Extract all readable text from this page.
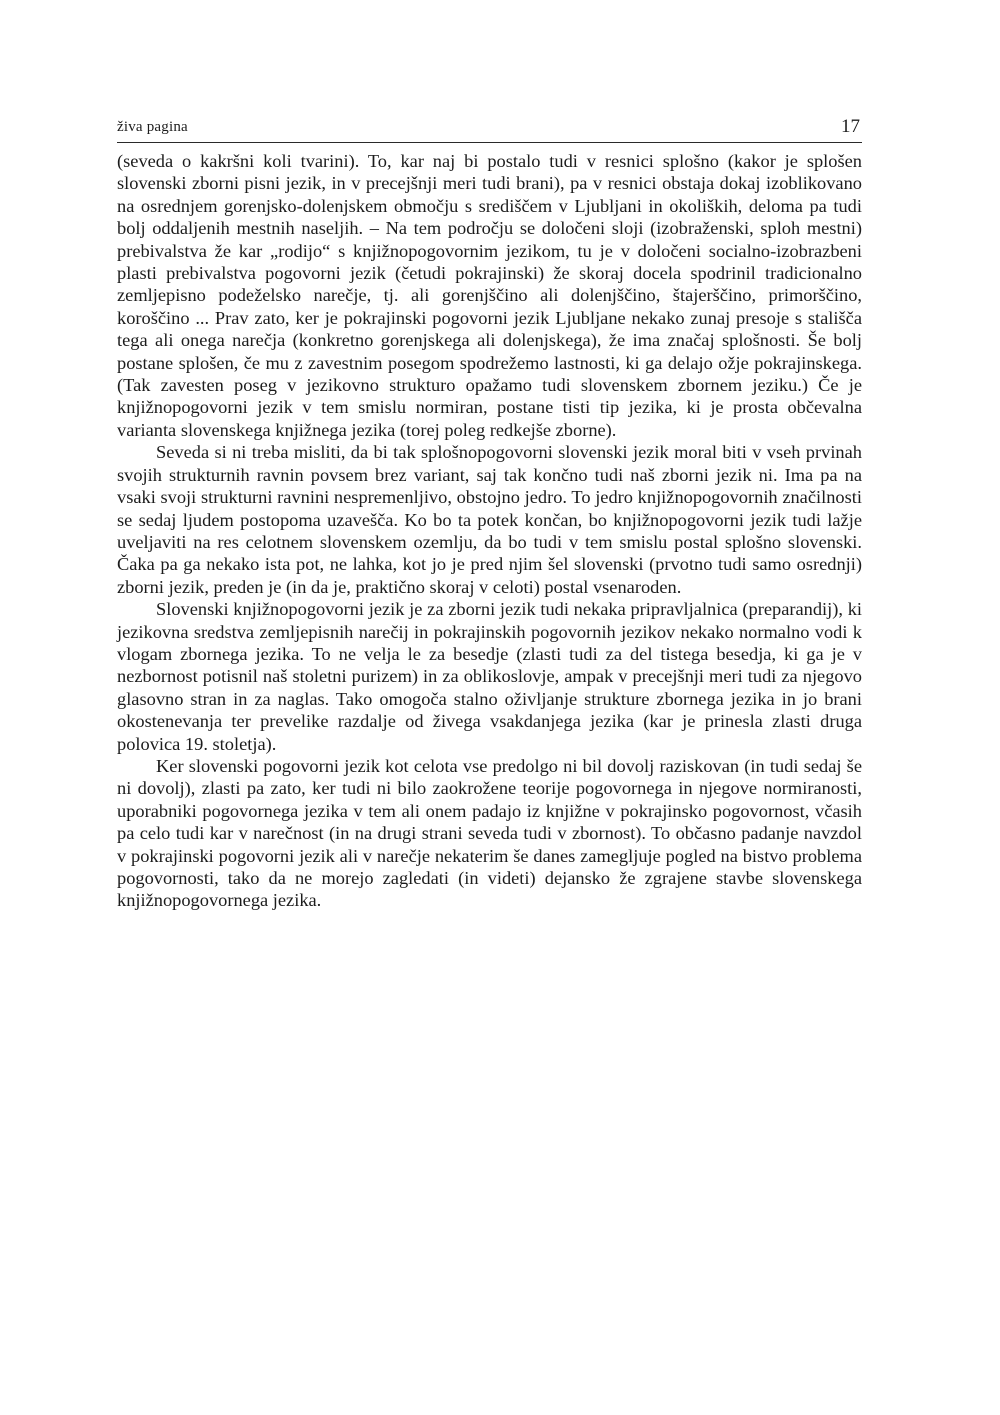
živa pagina	17

(seveda o kakršni koli tvarini). To, kar naj bi postalo tudi v resnici splošno (kakor je splošen slovenski zborni pisni jezik, in v precejšnji meri tudi brani), pa v resnici obstaja dokaj izoblikovano na osrednjem gorenjsko-dolenjskem območju s središčem v Ljubljani in okoliških, deloma pa tudi bolj oddaljenih mestnih naseljih. – Na tem področju se določeni sloji (izobraženski, sploh mestni) prebivalstva že kar „rodijo“ s knjižnopogovornim jezikom, tu je v določeni socialno-izobrazbeni plasti prebivalstva pogovorni jezik (četudi pokrajinski) že skoraj docela spodrinil tradicionalno zemljepisno podeželsko narečje, tj. ali gorenjščino ali dolenjščino, štajerščino, primorščino, koroščino ... Prav zato, ker je pokrajinski pogovorni jezik Ljubljane nekako zunaj presoje s stališča tega ali onega narečja (konkretno gorenjskega ali dolenjskega), že ima značaj splošnosti. Še bolj postane splošen, če mu z zavestnim posegom spodrežemo lastnosti, ki ga delajo ožje pokrajinskega. (Tak zavesten poseg v jezikovno strukturo opažamo tudi slovenskem zbornem jeziku.) Če je knjižnopogovorni jezik v tem smislu normiran, postane tisti tip jezika, ki je prosta občevalna varianta slovenskega knjižnega jezika (torej poleg redkejše zborne).

Seveda si ni treba misliti, da bi tak splošnopogovorni slovenski jezik moral biti v vseh prvinah svojih strukturnih ravnin povsem brez variant, saj tak končno tudi naš zborni jezik ni. Ima pa na vsaki svoji strukturni ravnini nespremenljivo, obstojno jedro. To jedro knjižnopogovornih značilnosti se sedaj ljudem postopoma uzaveščа. Ko bo ta potek končan, bo knjižnopogovorni jezik tudi lažje uveljaviti na res celotnem slovenskem ozemlju, da bo tudi v tem smislu postal splošno slovenski. Čaka pa ga nekako ista pot, ne lahka, kot jo je pred njim šel slovenski (prvotno tudi samo osrednji) zborni jezik, preden je (in da je, praktično skoraj v celoti) postal vsenaroden.

Slovenski knjižnopogovorni jezik je za zborni jezik tudi nekaka pripravljalnica (preparandij), ki jezikovna sredstva zemljepisnih narečij in pokrajinskih pogovornih jezikov nekako normalno vodi k vlogam zbornega jezika. To ne velja le za besedje (zlasti tudi za del tistega besedja, ki ga je v nezbornost potisnil naš stoletni purizem) in za oblikoslovje, ampak v precejšnji meri tudi za njegovo glasovno stran in za naglas. Tako omogoča stalno oživljanje strukture zbornega jezika in jo brani okostenevanja ter prevelike razdalje od živega vsakdanjega jezika (kar je prinesla zlasti druga polovica 19. stoletja).

Ker slovenski pogovorni jezik kot celota vse predolgo ni bil dovolj raziskovan (in tudi sedaj še ni dovolj), zlasti pa zato, ker tudi ni bilo zaokrožene teorije pogovornega in njegove normiranosti, uporabniki pogovornega jezika v tem ali onem padajo iz knjižne v pokrajinsko pogovornost, včasih pa celo tudi kar v narečnost (in na drugi strani seveda tudi v zbornost). To občasno padanje navzdol v pokrajinski pogovorni jezik ali v narečje nekaterim še danes zamegljuje pogled na bistvo problema pogovornosti, tako da ne morejo zagledati (in videti) dejansko že zgrajene stavbe slovenskega knjižnopogovornega jezika.
